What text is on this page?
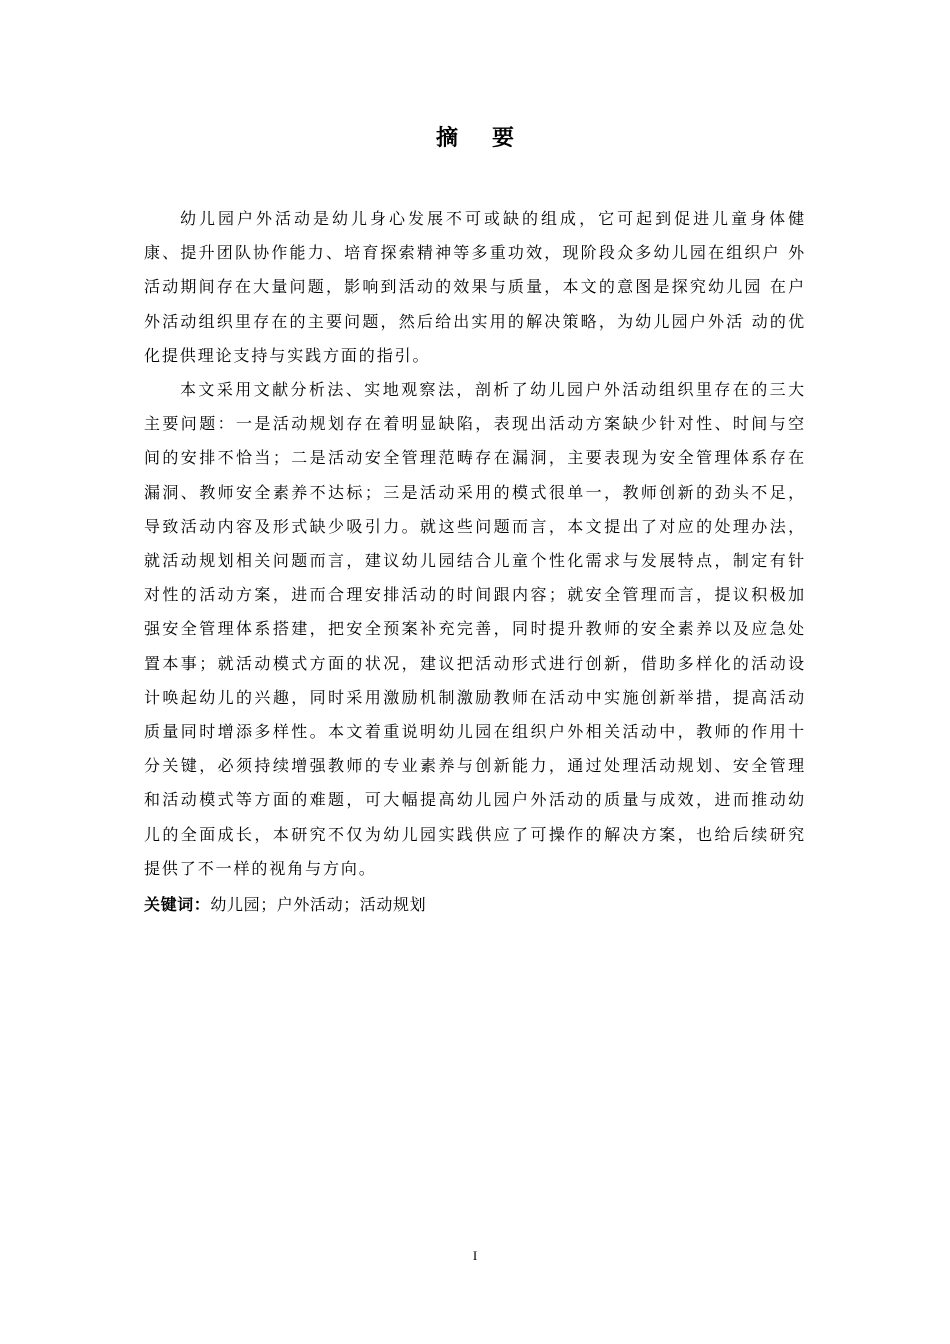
摘 要

幼儿园户外活动是幼儿身心发展不可或缺的组成，它可起到促进儿童身体健 康、提升团队协作能力、培育探索精神等多重功效，现阶段众多幼儿园在组织户 外活动期间存在大量问题，影响到活动的效果与质量，本文的意图是探究幼儿园 在户外活动组织里存在的主要问题，然后给出实用的解决策略，为幼儿园户外活 动的优化提供理论支持与实践方面的指引。

本文采用文献分析法、实地观察法，剖析了幼儿园户外活动组织里存在的三大主要问题：一是活动规划存在着明显缺陷，表现出活动方案缺少针对性、时间与空间的安排不恰当；二是活动安全管理范畴存在漏洞，主要表现为安全管理体系存在漏洞、教师安全素养不达标；三是活动采用的模式很单一，教师创新的劲头不足，导致活动内容及形式缺少吸引力。就这些问题而言，本文提出了对应的处理办法，就活动规划相关问题而言，建议幼儿园结合儿童个性化需求与发展特点，制定有针对性的活动方案，进而合理安排活动的时间跟内容；就安全管理而言，提议积极加强安全管理体系搭建，把安全预案补充完善，同时提升教师的安全素养以及应急处置本事；就活动模式方面的状况，建议把活动形式进行创新，借助多样化的活动设计唤起幼儿的兴趣，同时采用激励机制激励教师在活动中实施创新举措，提高活动质量同时增添多样性。本文着重说明幼儿园在组织户外相关活动中，教师的作用十分关键，必须持续增强教师的专业素养与创新能力，通过处理活动规划、安全管理和活动模式等方面的难题，可大幅提高幼儿园户外活动的质量与成效，进而推动幼儿的全面成长，本研究不仅为幼儿园实践供应了可操作的解决方案，也给后续研究提供了不一样的视角与方向。

关键词：幼儿园；户外活动；活动规划
I
